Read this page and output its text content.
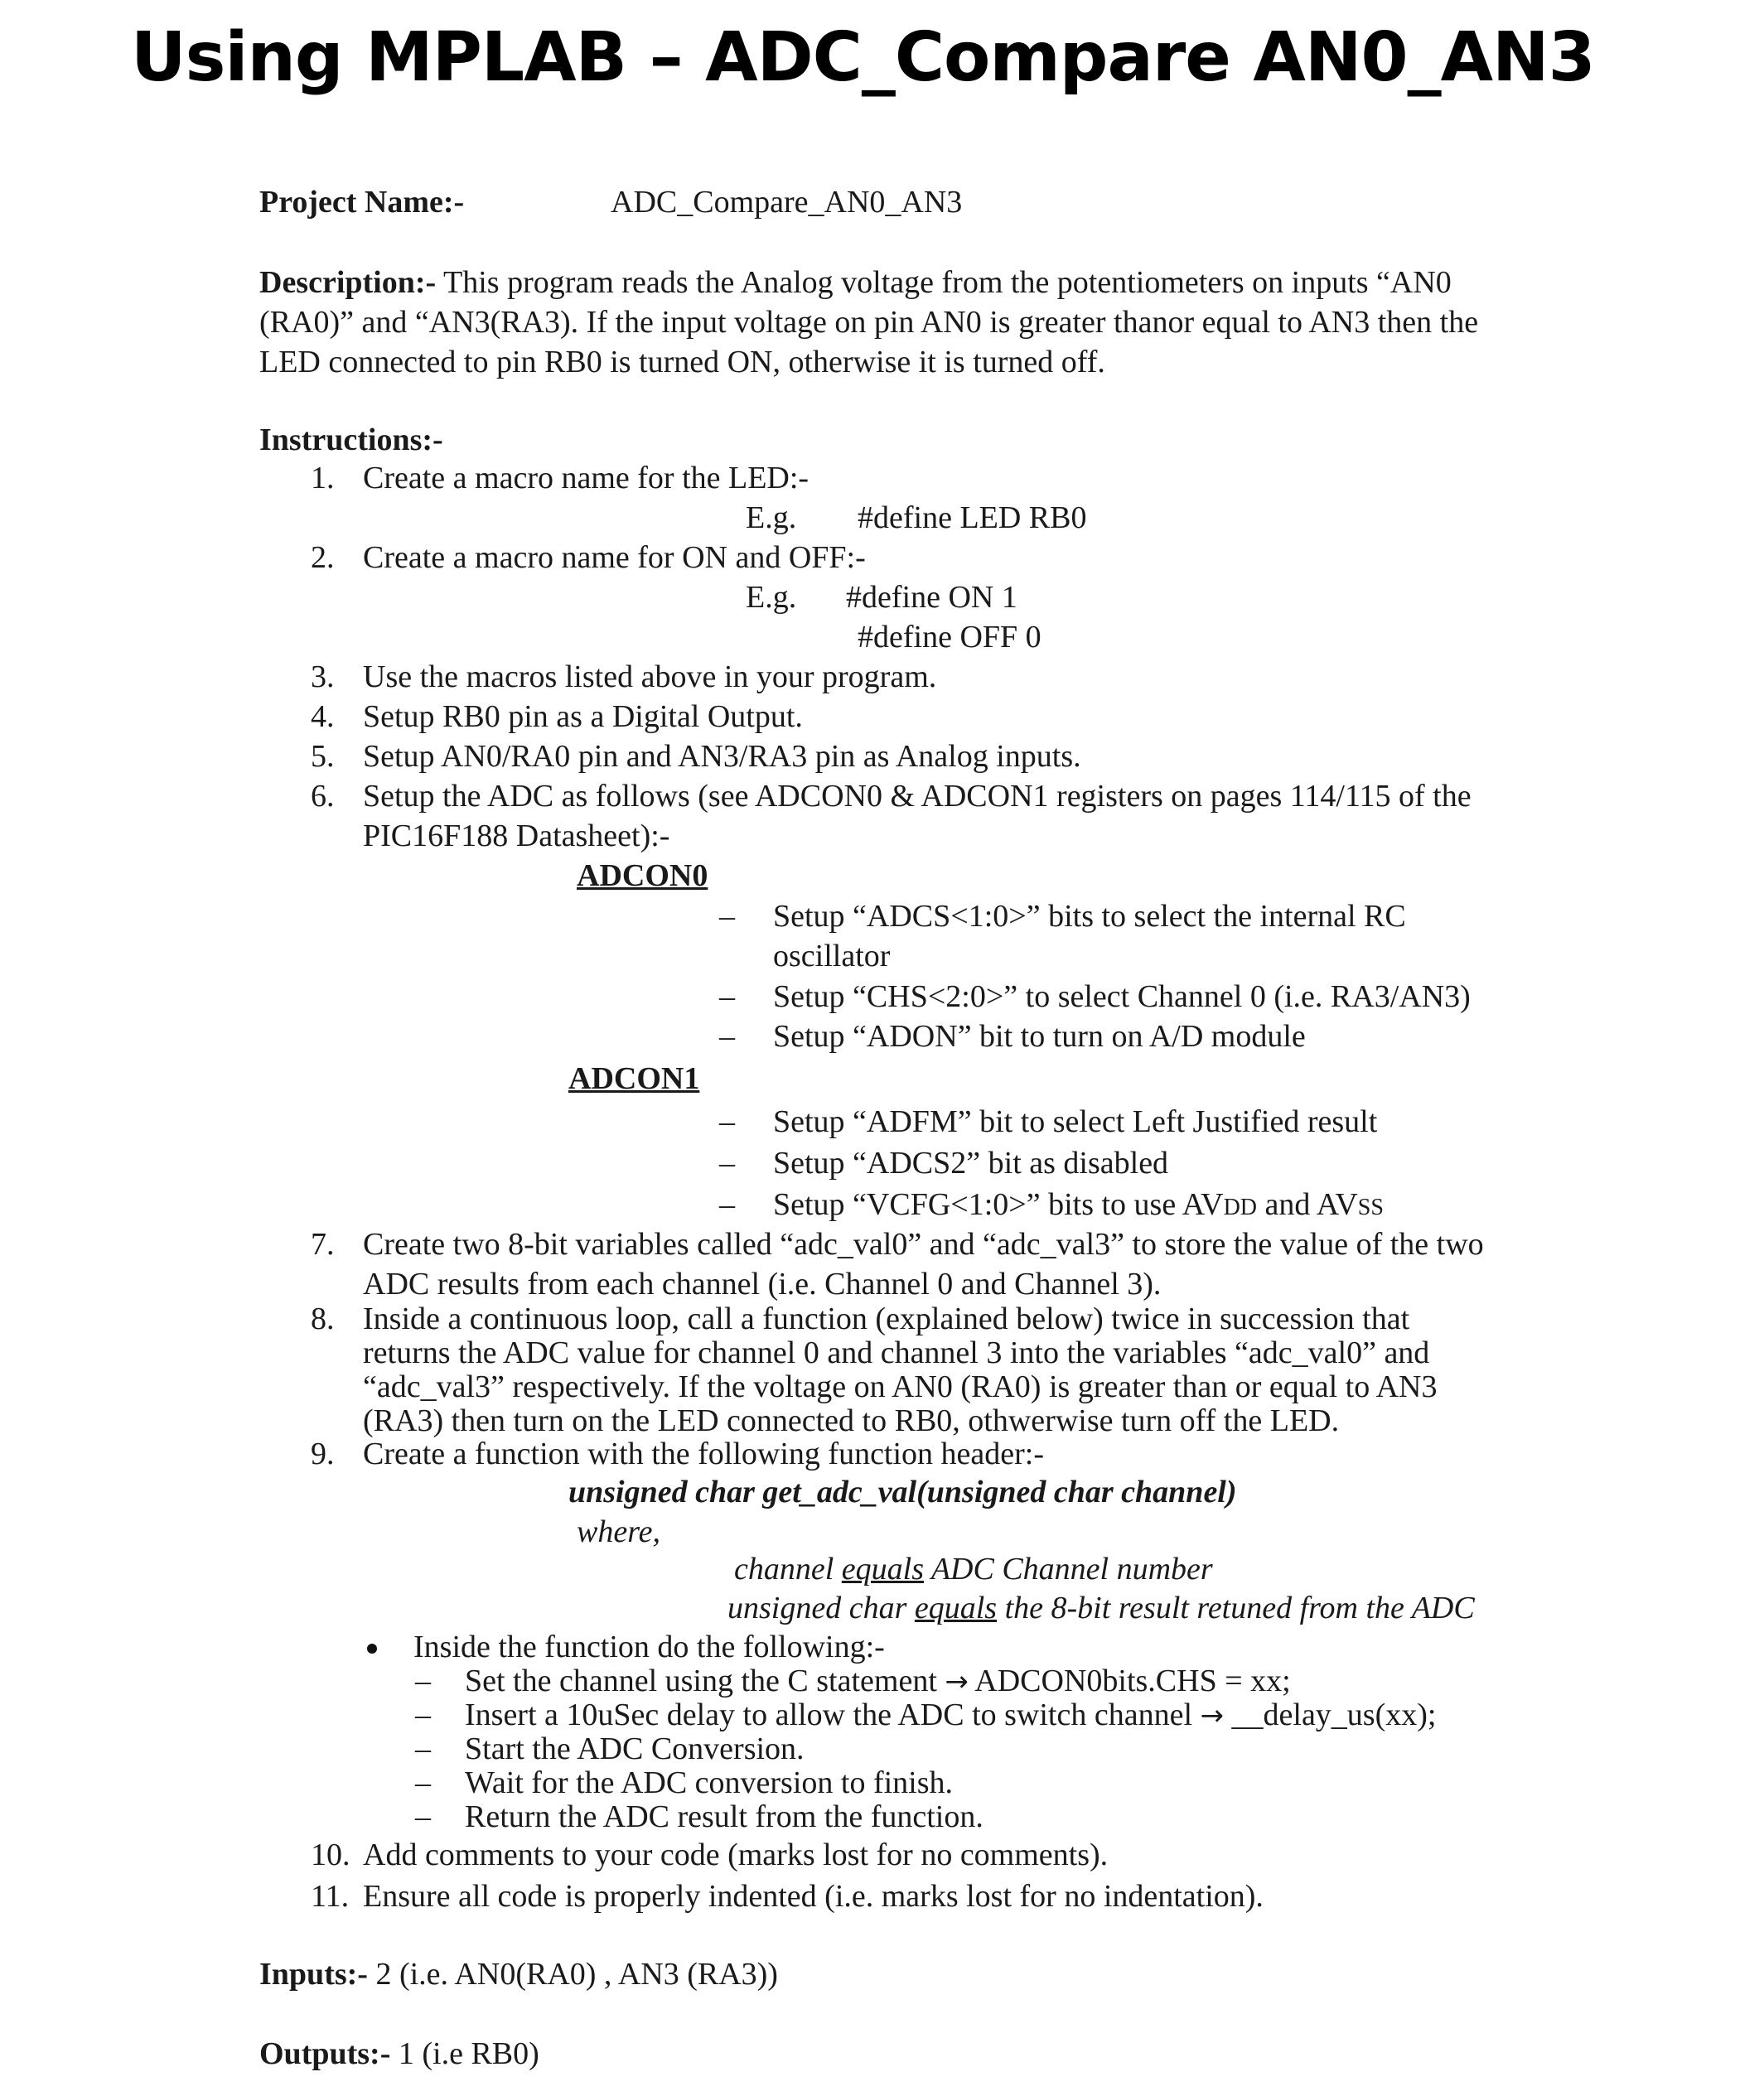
Using MPLAB – ADC_Compare AN0_AN3
Project Name:-	ADC_Compare_AN0_AN3
Description:- This program reads the Analog voltage from the potentiometers on inputs “AN0
(RA0)” and “AN3(RA3). If the input voltage on pin AN0 is greater thanor equal to AN3 then the
LED connected to pin RB0 is turned ON, otherwise it is turned off.
Instructions:-
1. Create a macro name for the LED:-
E.g. #define LED RB0
2. Create a macro name for ON and OFF:-
E.g. #define ON 1
#define OFF 0
3. Use the macros listed above in your program.
4. Setup RB0 pin as a Digital Output.
5. Setup AN0/RA0 pin and AN3/RA3 pin as Analog inputs.
6. Setup the ADC as follows (see ADCON0 & ADCON1 registers on pages 114/115 of the
PIC16F188 Datasheet):-
ADCON0
– Setup “ADCS<1:0>” bits to select the internal RC
oscillator
– Setup “CHS<2:0>” to select Channel 0 (i.e. RA3/AN3)
– Setup “ADON” bit to turn on A/D module
ADCON1
– Setup “ADFM” bit to select Left Justified result
– Setup “ADCS2” bit as disabled
– Setup “VCFG<1:0>” bits to use AVDD and AVSS
7. Create two 8-bit variables called “adc_val0” and “adc_val3” to store the value of the two
ADC results from each channel (i.e. Channel 0 and Channel 3).
8. Inside a continuous loop, call a function (explained below) twice in succession that
returns the ADC value for channel 0 and channel 3 into the variables “adc_val0” and
“adc_val3” respectively. If the voltage on AN0 (RA0) is greater than or equal to AN3
(RA3) then turn on the LED connected to RB0, othwerwise turn off the LED.
9. Create a function with the following function header:-
unsigned char get_adc_val(unsigned char channel)
where,
channel equals ADC Channel number
unsigned char equals the 8-bit result retuned from the ADC
Inside the function do the following:-
– Set the channel using the C statement → ADCON0bits.CHS = xx;
– Insert a 10uSec delay to allow the ADC to switch channel → __delay_us(xx);
– Start the ADC Conversion.
– Wait for the ADC conversion to finish.
– Return the ADC result from the function.
10. Add comments to your code (marks lost for no comments).
11. Ensure all code is properly indented (i.e. marks lost for no indentation).
Inputs:- 2 (i.e. AN0(RA0) , AN3 (RA3))
Outputs:- 1 (i.e RB0)
